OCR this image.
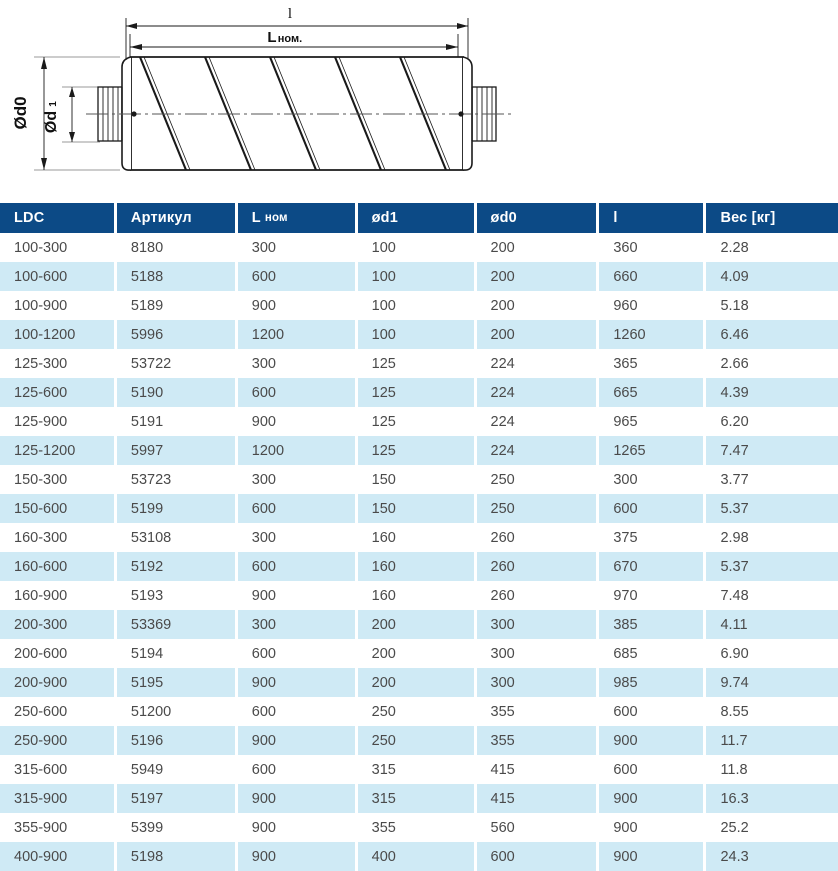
l
L ном.
Ød0 Ød
1
LDC	Артикул	L ном	ød1	ød0	l	Вес [кг]
100-300	8180	300	100	200	360	2.28
100-600	5188	600	100	200	660	4.09
100-900	5189	900	100	200	960	5.18
100-1200	5996	1200	100	200	1260	6.46
125-300	53722	300	125	224	365	2.66
125-600	5190	600	125	224	665	4.39
125-900	5191	900	125	224	965	6.20
125-1200	5997	1200	125	224	1265	7.47
150-300	53723	300	150	250	300	3.77
150-600	5199	600	150	250	600	5.37
160-300	53108	300	160	260	375	2.98
160-600	5192	600	160	260	670	5.37
160-900	5193	900	160	260	970	7.48
200-300	53369	300	200	300	385	4.11
200-600	5194	600	200	300	685	6.90
200-900	5195	900	200	300	985	9.74
250-600	51200	600	250	355	600	8.55
250-900	5196	900	250	355	900	11.7
315-600	5949	600	315	415	600	11.8
315-900	5197	900	315	415	900	16.3
355-900	5399	900	355	560	900	25.2
400-900	5198	900	400	600	900	24.3
